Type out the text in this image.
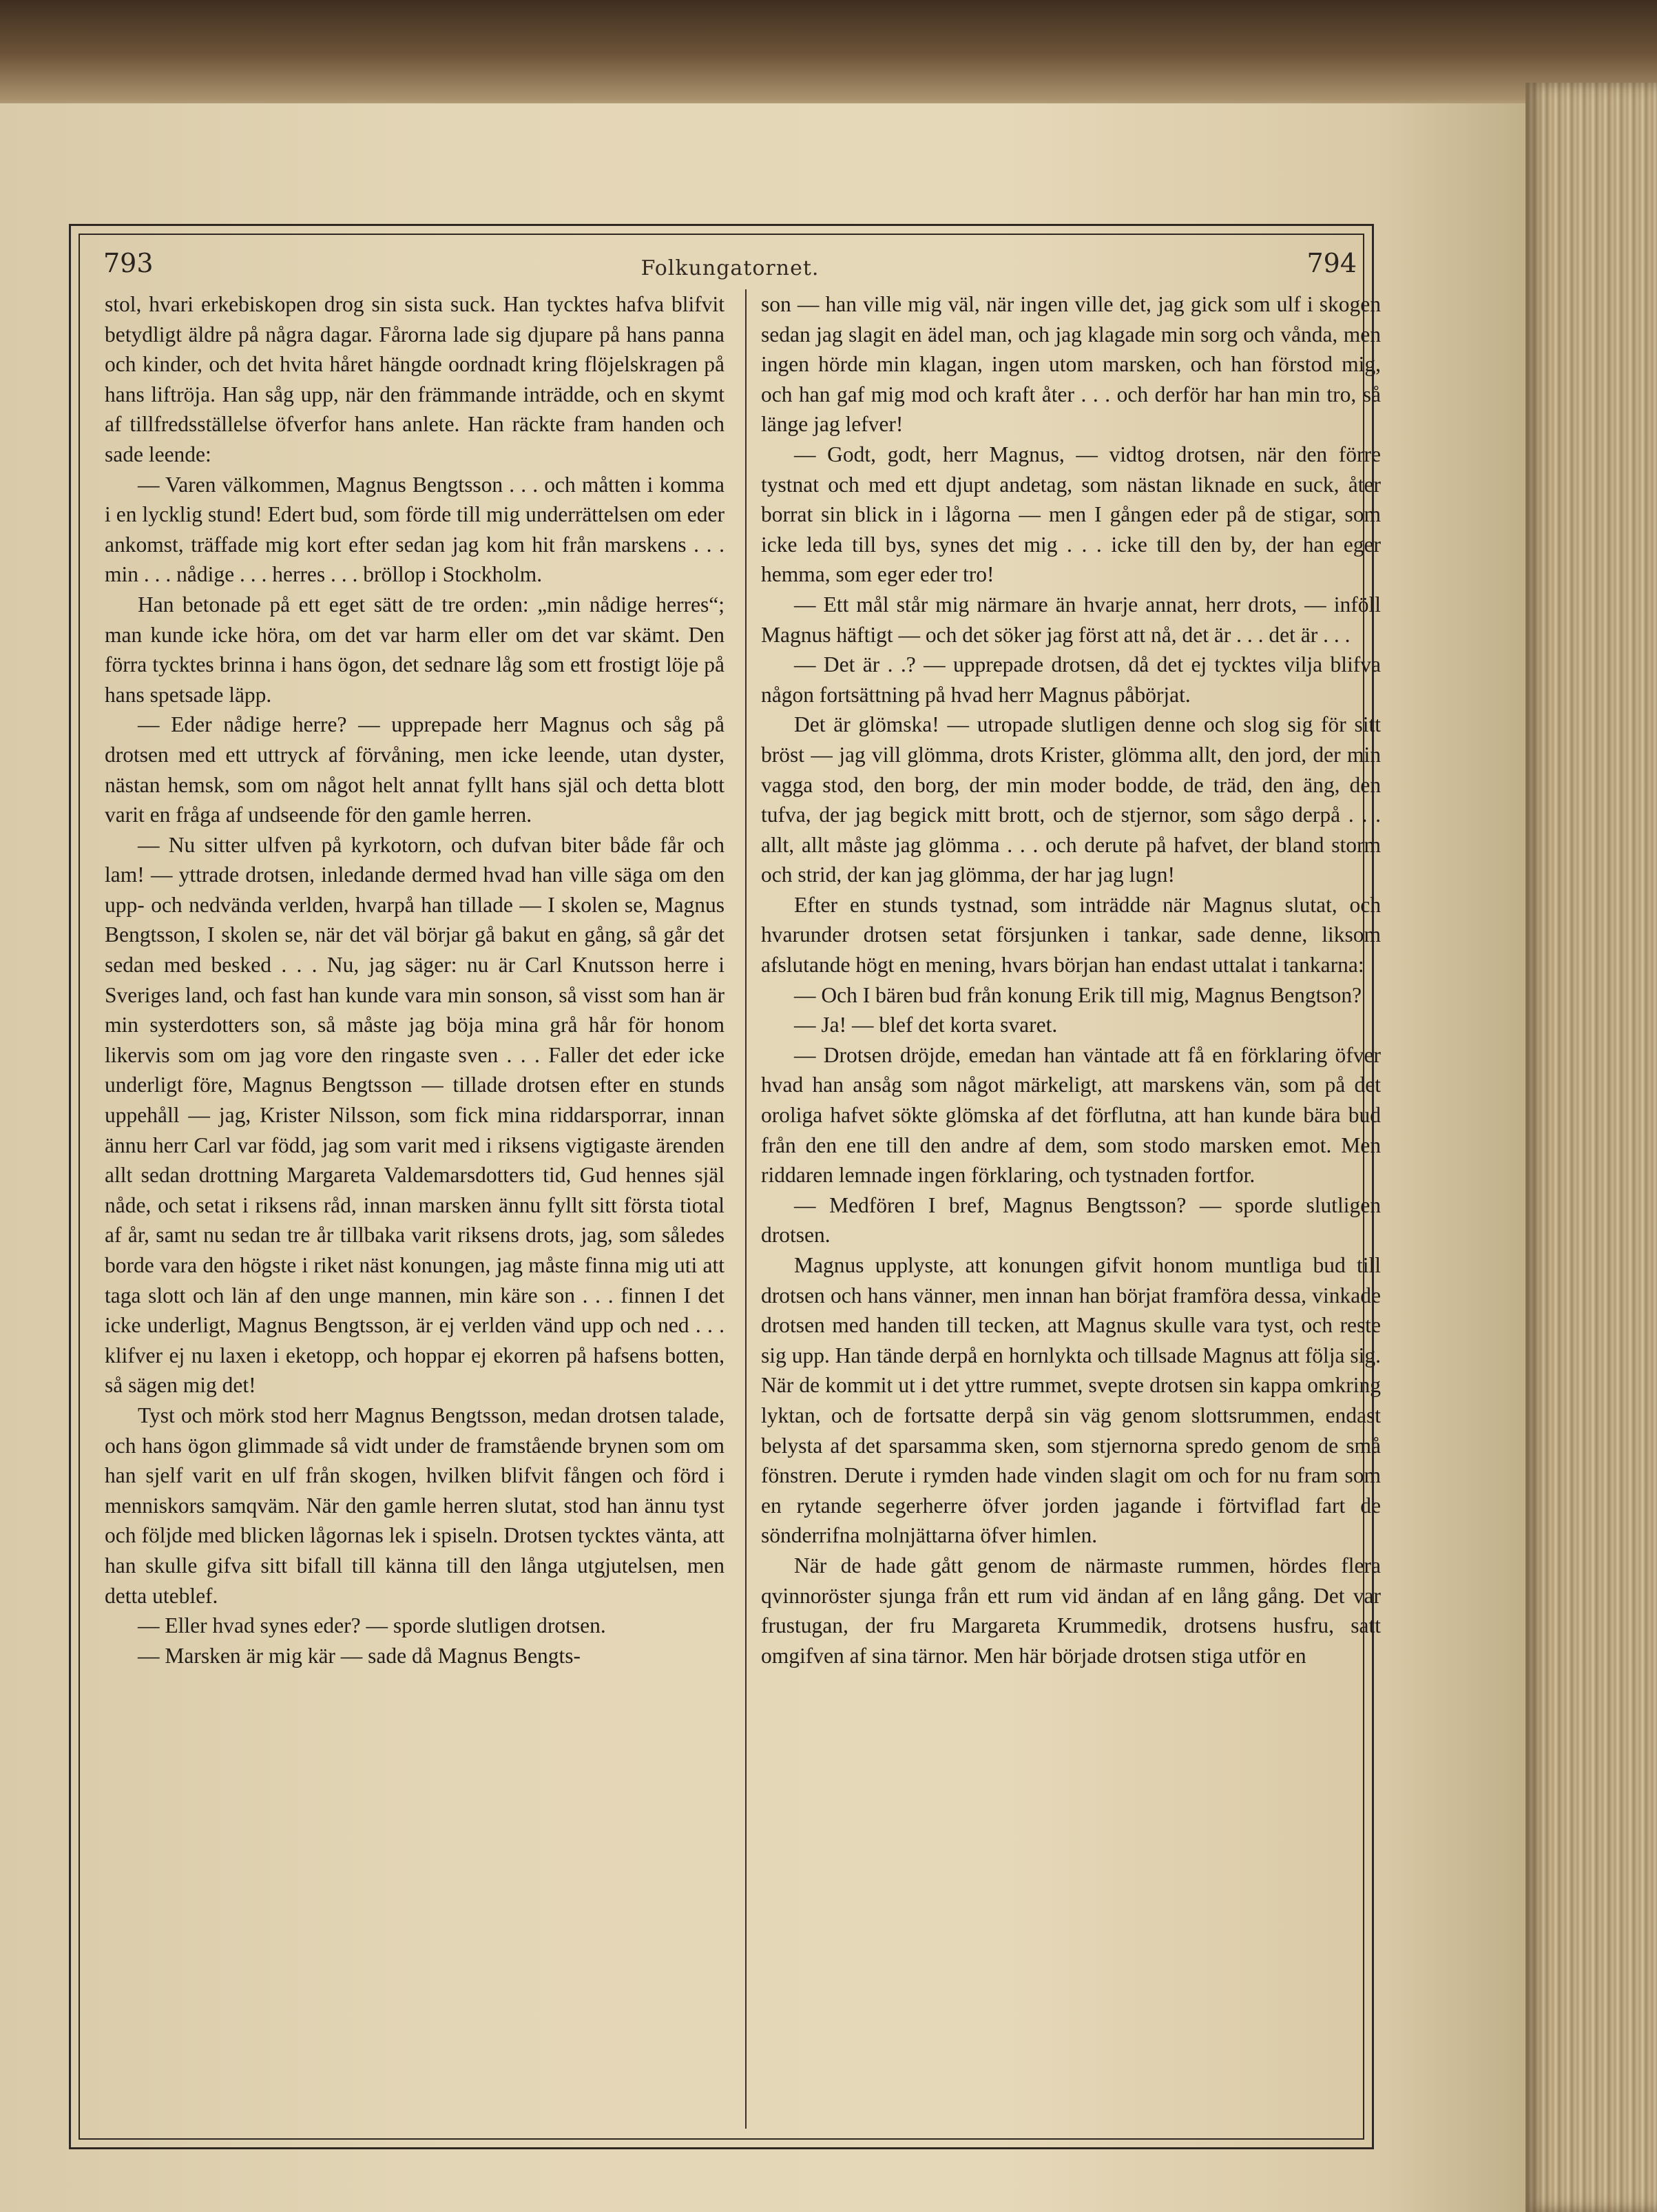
793	Folkungatornet.	794

stol, hvari erkebiskopen drog sin sista suck. Han tycktes hafva blifvit betydligt äldre på några dagar. Fårorna lade sig djupare på hans panna och kinder, och det hvita håret hängde oordnadt kring flöjelskragen på hans liftröja. Han såg upp, när den främmande inträdde, och en skymt af tillfredsställelse öfverfor hans anlete. Han räckte fram handen och sade leende:

— Varen välkommen, Magnus Bengtsson . . . och måtten i komma i en lycklig stund! Edert bud, som förde till mig underrättelsen om eder ankomst, träffade mig kort efter sedan jag kom hit från marskens . . . min . . . nådige . . . herres . . . bröllop i Stockholm.

Han betonade på ett eget sätt de tre orden: „min nådige herres“; man kunde icke höra, om det var harm eller om det var skämt. Den förra tycktes brinna i hans ögon, det sednare låg som ett frostigt löje på hans spetsade läpp.

— Eder nådige herre? — upprepade herr Magnus och såg på drotsen med ett uttryck af förvåning, men icke leende, utan dyster, nästan hemsk, som om något helt annat fyllt hans själ och detta blott varit en fråga af undseende för den gamle herren.

— Nu sitter ulfven på kyrkotorn, och dufvan biter både får och lam! — yttrade drotsen, inledande dermed hvad han ville säga om den upp- och nedvända verlden, hvarpå han tillade — I skolen se, Magnus Bengtsson, I skolen se, när det väl börjar gå bakut en gång, så går det sedan med besked . . . Nu, jag säger: nu är Carl Knutsson herre i Sveriges land, och fast han kunde vara min sonson, så visst som han är min systerdotters son, så måste jag böja mina grå hår för honom likervis som om jag vore den ringaste sven . . . Faller det eder icke underligt före, Magnus Bengtsson — tillade drotsen efter en stunds uppehåll — jag, Krister Nilsson, som fick mina riddarsporrar, innan ännu herr Carl var född, jag som varit med i riksens vigtigaste ärenden allt sedan drottning Margareta Valdemarsdotters tid, Gud hennes själ nåde, och setat i riksens råd, innan marsken ännu fyllt sitt första tiotal af år, samt nu sedan tre år tillbaka varit riksens drots, jag, som således borde vara den högste i riket näst konungen, jag måste finna mig uti att taga slott och län af den unge mannen, min käre son . . . finnen I det icke underligt, Magnus Bengtsson, är ej verlden vänd upp och ned . . . klifver ej nu laxen i eketopp, och hoppar ej ekorren på hafsens botten, så sägen mig det!

Tyst och mörk stod herr Magnus Bengtsson, medan drotsen talade, och hans ögon glimmade så vidt under de framstående brynen som om han sjelf varit en ulf från skogen, hvilken blifvit fången och förd i menniskors samqväm. När den gamle herren slutat, stod han ännu tyst och följde med blicken lågornas lek i spiseln. Drotsen tycktes vänta, att han skulle gifva sitt bifall till känna till den långa utgjutelsen, men detta uteblef.

— Eller hvad synes eder? — sporde slutligen drotsen.

— Marsken är mig kär — sade då Magnus Bengts-

son — han ville mig väl, när ingen ville det, jag gick som ulf i skogen sedan jag slagit en ädel man, och jag klagade min sorg och vånda, men ingen hörde min klagan, ingen utom marsken, och han förstod mig, och han gaf mig mod och kraft åter . . . och derför har han min tro, så länge jag lefver!

— Godt, godt, herr Magnus, — vidtog drotsen, när den förre tystnat och med ett djupt andetag, som nästan liknade en suck, åter borrat sin blick in i lågorna — men I gången eder på de stigar, som icke leda till bys, synes det mig . . . icke till den by, der han eger hemma, som eger eder tro!

— Ett mål står mig närmare än hvarje annat, herr drots, — inföll Magnus häftigt — och det söker jag först att nå, det är . . . det är . . .

— Det är . .? — upprepade drotsen, då det ej tycktes vilja blifva någon fortsättning på hvad herr Magnus påbörjat.

Det är glömska! — utropade slutligen denne och slog sig för sitt bröst — jag vill glömma, drots Krister, glömma allt, den jord, der min vagga stod, den borg, der min moder bodde, de träd, den äng, den tufva, der jag begick mitt brott, och de stjernor, som sågo derpå . . . allt, allt måste jag glömma . . . och derute på hafvet, der bland storm och strid, der kan jag glömma, der har jag lugn!

Efter en stunds tystnad, som inträdde när Magnus slutat, och hvarunder drotsen setat försjunken i tankar, sade denne, liksom afslutande högt en mening, hvars början han endast uttalat i tankarna:

— Och I bären bud från konung Erik till mig, Magnus Bengtson?

— Ja! — blef det korta svaret.

— Drotsen dröjde, emedan han väntade att få en förklaring öfver hvad han ansåg som något märkeligt, att marskens vän, som på det oroliga hafvet sökte glömska af det förflutna, att han kunde bära bud från den ene till den andre af dem, som stodo marsken emot. Men riddaren lemnade ingen förklaring, och tystnaden fortfor.

— Medfören I bref, Magnus Bengtsson? — sporde slutligen drotsen.

Magnus upplyste, att konungen gifvit honom muntliga bud till drotsen och hans vänner, men innan han börjat framföra dessa, vinkade drotsen med handen till tecken, att Magnus skulle vara tyst, och reste sig upp. Han tände derpå en hornlykta och tillsade Magnus att följa sig. När de kommit ut i det yttre rummet, svepte drotsen sin kappa omkring lyktan, och de fortsatte derpå sin väg genom slottsrummen, endast belysta af det sparsamma sken, som stjernorna spredo genom de små fönstren. Derute i rymden hade vinden slagit om och for nu fram som en rytande segerherre öfver jorden jagande i förtviflad fart de sönderrifna molnjättarna öfver himlen.

När de hade gått genom de närmaste rummen, hördes flera qvinnoröster sjunga från ett rum vid ändan af en lång gång. Det var frustugan, der fru Margareta Krummedik, drotsens husfru, satt omgifven af sina tärnor. Men här började drotsen stiga utför en
